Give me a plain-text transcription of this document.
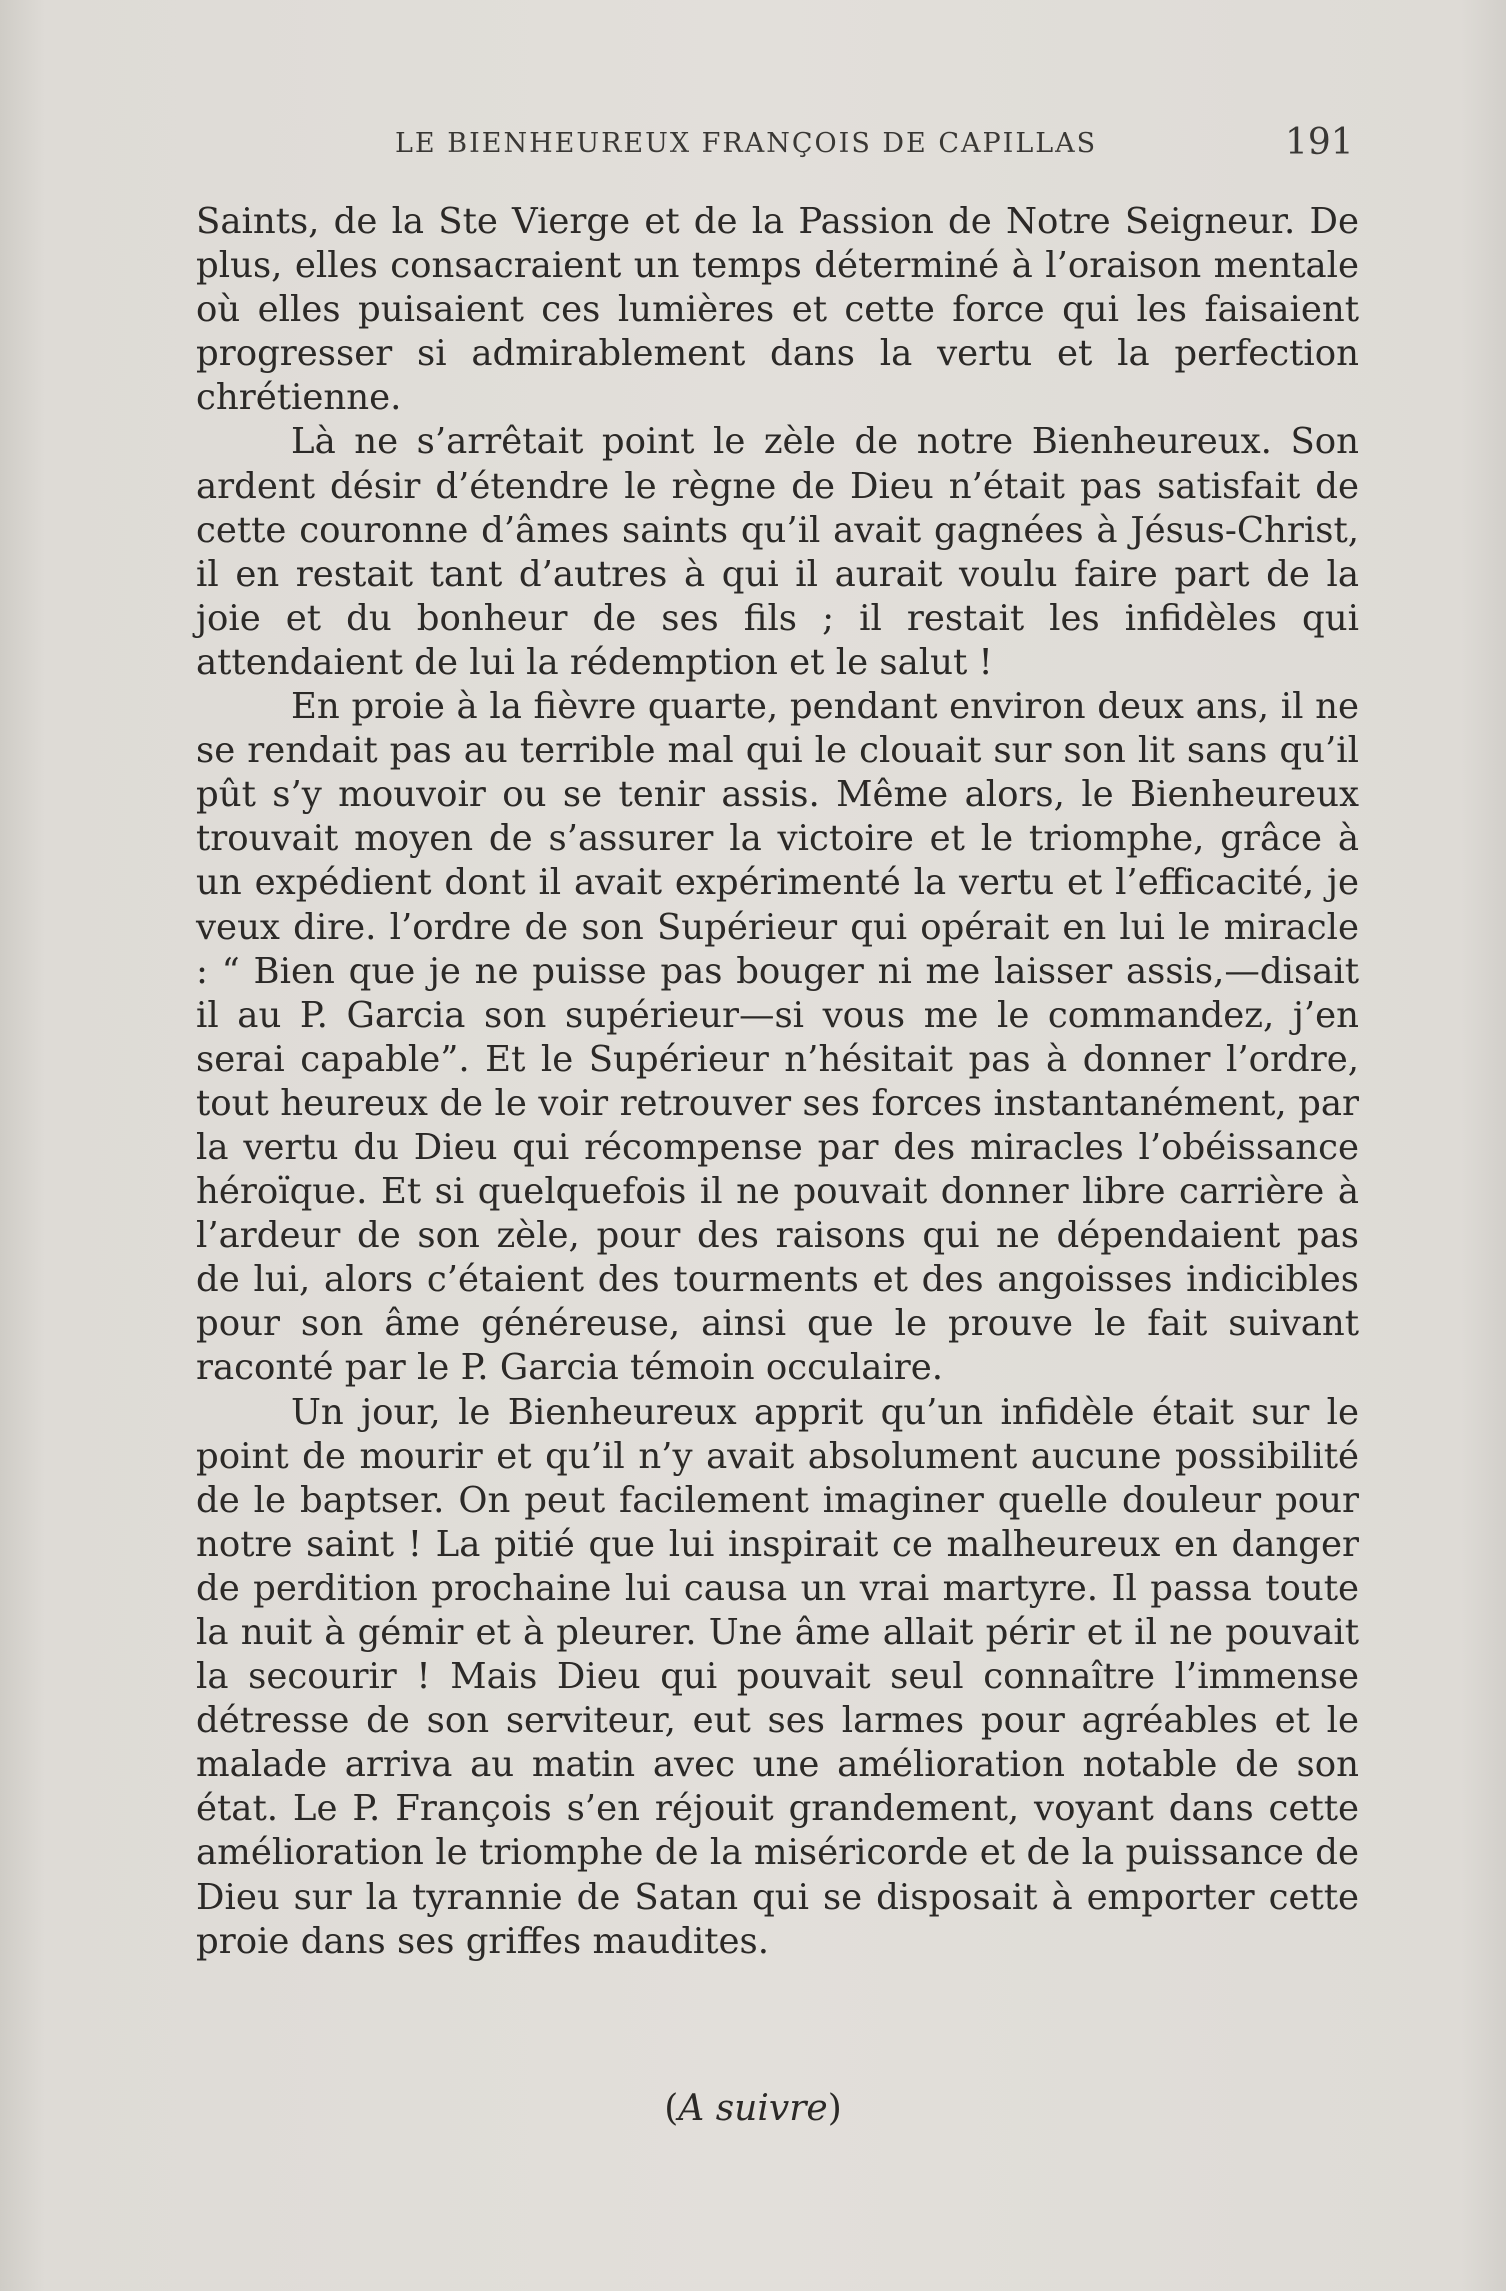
LE BIENHEUREUX FRANÇOIS DE CAPILLAS	191

Saints, de la Ste Vierge et de la Passion de Notre Seigneur. De plus, elles consacraient un temps déterminé à l’oraison mentale où elles puisaient ces lumières et cette force qui les faisaient progresser si admirablement dans la vertu et la perfection chrétienne.

Là ne s’arrêtait point le zèle de notre Bienheureux. Son ardent désir d’étendre le règne de Dieu n’était pas satisfait de cette couronne d’âmes saints qu’il avait gagnées à Jésus-Christ, il en restait tant d’autres à qui il aurait voulu faire part de la joie et du bonheur de ses fils ; il restait les infidèles qui attendaient de lui la rédemption et le salut !

En proie à la fièvre quarte, pendant environ deux ans, il ne se rendait pas au terrible mal qui le clouait sur son lit sans qu’il pût s’y mouvoir ou se tenir assis. Même alors, le Bienheureux trouvait moyen de s’assurer la victoire et le triomphe, grâce à un expédient dont il avait expérimenté la vertu et l’efficacité, je veux dire. l’ordre de son Supérieur qui opérait en lui le miracle : “ Bien que je ne puisse pas bouger ni me laisser assis,—disait il au P. Garcia son supérieur—si vous me le commandez, j’en serai capable”. Et le Supérieur n’hésitait pas à donner l’ordre, tout heureux de le voir retrouver ses forces instantanément, par la vertu du Dieu qui récompense par des miracles l’obéissance héroïque. Et si quelquefois il ne pouvait donner libre carrière à l’ardeur de son zèle, pour des raisons qui ne dépendaient pas de lui, alors c’étaient des tourments et des angoisses indicibles pour son âme généreuse, ainsi que le prouve le fait suivant raconté par le P. Garcia témoin occulaire.

Un jour, le Bienheureux apprit qu’un infidèle était sur le point de mourir et qu’il n’y avait absolument aucune possibilité de le baptser. On peut facilement imaginer quelle douleur pour notre saint ! La pitié que lui inspirait ce malheureux en danger de perdition prochaine lui causa un vrai martyre. Il passa toute la nuit à gémir et à pleurer. Une âme allait périr et il ne pouvait la secourir ! Mais Dieu qui pouvait seul connaître l’immense détresse de son serviteur, eut ses larmes pour agréables et le malade arriva au matin avec une amélioration notable de son état. Le P. François s’en réjouit grandement, voyant dans cette amélioration le triomphe de la miséricorde et de la puissance de Dieu sur la tyrannie de Satan qui se disposait à emporter cette proie dans ses griffes maudites.

(A suivre)
